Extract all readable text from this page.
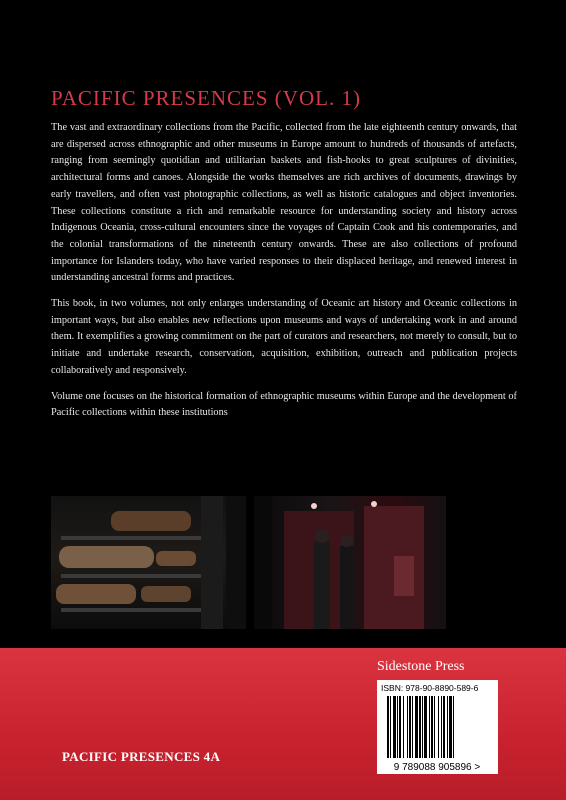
PACIFIC PRESENCES (VOL. 1)

The vast and extraordinary collections from the Pacific, collected from the late eighteenth century onwards, that are dispersed across ethnographic and other museums in Europe amount to hundreds of thousands of artefacts, ranging from seemingly quotidian and utilitarian baskets and fish-hooks to great sculptures of divinities, architectural forms and canoes. Alongside the works themselves are rich archives of documents, drawings by early travellers, and often vast photographic collections, as well as historic catalogues and object inventories. These collections constitute a rich and remarkable resource for understanding society and history across Indigenous Oceania, cross-cultural encounters since the voyages of Captain Cook and his contemporaries, and the colonial transformations of the nineteenth century onwards. These are also collections of profound importance for Islanders today, who have varied responses to their displaced heritage, and renewed interest in understanding ancestral forms and practices.

This book, in two volumes, not only enlarges understanding of Oceanic art history and Oceanic collections in important ways, but also enables new reflections upon museums and ways of undertaking work in and around them. It exemplifies a growing commitment on the part of curators and researchers, not merely to consult, but to initiate and undertake research, conservation, acquisition, exhibition, outreach and publication projects collaboratively and responsively.

Volume one focuses on the historical formation of ethnographic museums within Europe and the development of Pacific collections within these institutions

Sidestone Press
ISBN: 978-90-8890-589-6
9 789088 905896 >
PACIFIC PRESENCES 4A
